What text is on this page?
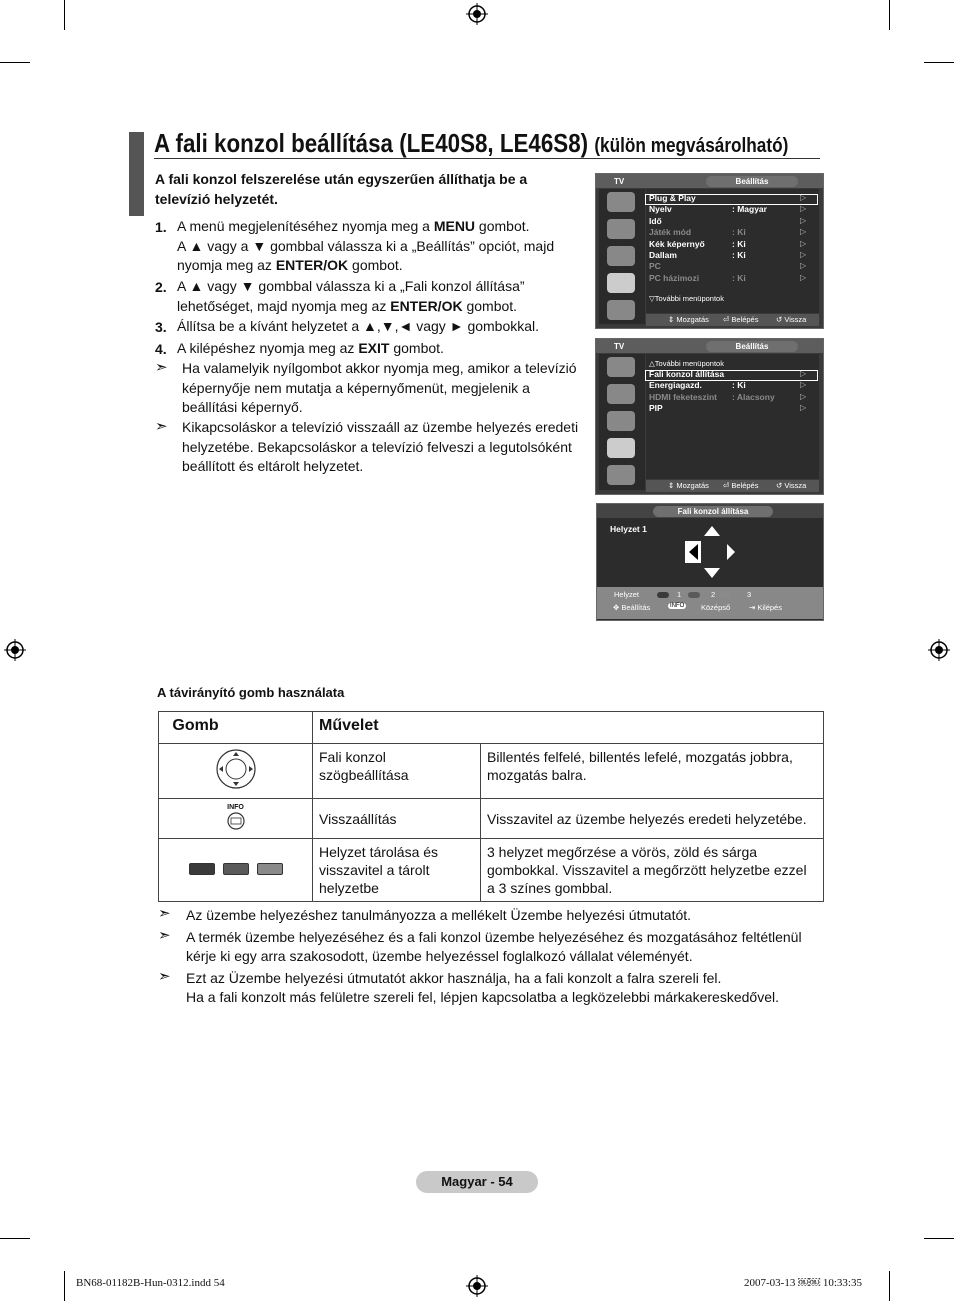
A fali konzol beállítása (LE40S8, LE46S8) (külön megvásárolható)
A fali konzol felszerelése után egyszerűen állíthatja be a televízió helyzetét.
1. A menü megjelenítéséhez nyomja meg a MENU gombot.
A ▲ vagy a ▼ gombbal válassza ki a „Beállítás” opciót, majd
nyomja meg az ENTER/OK gombot.
2. A ▲ vagy ▼ gombbal válassza ki a „Fali konzol állítása”
lehetőséget, majd nyomja meg az ENTER/OK gombot.
3. Állítsa be a kívánt helyzetet a ▲,▼,◄ vagy ► gombokkal.
4. A kilépéshez nyomja meg az EXIT gombot.
➣ Ha valamelyik nyílgombot akkor nyomja meg, amikor a televízió
képernyője nem mutatja a képernyőmenüt, megjelenik a
beállítási képernyő.
➣ Kikapcsoláskor a televízió visszaáll az üzembe helyezés eredeti
helyzetébe. Bekapcsoláskor a televízió felveszi a legutolsóként
beállított és eltárolt helyzetet.
TV	Beállítás
▽További menüpontok
⇕ Mozgatás ⏎ Belépés ↺ Vissza
Plug & Play	▷
Nyelv	: Magyar	▷
Idő	▷
Játék mód	: Ki	▷
Kék képernyő	: Ki	▷
Dallam	: Ki	▷
PC	▷
PC házimozi	: Ki	▷
TV	Beállítás
△További menüpontok
⇕ Mozgatás ⏎ Belépés ↺ Vissza
Fali konzol állítása	▷
Energiagazd.	: Ki	▷
HDMI feketeszint : Alacsony	▷
PIP	▷
Fali konzol állítása
Helyzet 1
Helyzet	1	2	3
✥ Beállítás	INFO Középső	⇥ Kilépés
A távirányító gomb használata
Gomb	Művelet	
	Fali konzol szögbeállítása	Billentés felfelé, billentés lefelé, mozgatás jobbra, mozgatás balra.

INFO	Visszaállítás	Visszavitel az üzembe helyezés eredeti helyzetébe.
	Helyzet tárolása és visszavitel a tárolt helyzetbe	3 helyzet megőrzése a vörös, zöld és sárga gombokkal. Visszavitel a megőrzött helyzetbe ezzel a 3 színes gombbal.
➣ Az üzembe helyezéshez tanulmányozza a mellékelt Üzembe helyezési útmutatót.
➣ A termék üzembe helyezéséhez és a fali konzol üzembe helyezéséhez és mozgatásához feltétlenül
kérje ki egy arra szakosodott, üzembe helyezéssel foglalkozó vállalat véleményét.
➣ Ezt az Üzembe helyezési útmutatót akkor használja, ha a fali konzolt a falra szereli fel.
Ha a fali konzolt más felületre szereli fel, lépjen kapcsolatba a legközelebbi márkakereskedővel.
Magyar - 54
BN68-01182B-Hun-0312.indd 54	2007-03-13 ￼￼ 10:33:35
